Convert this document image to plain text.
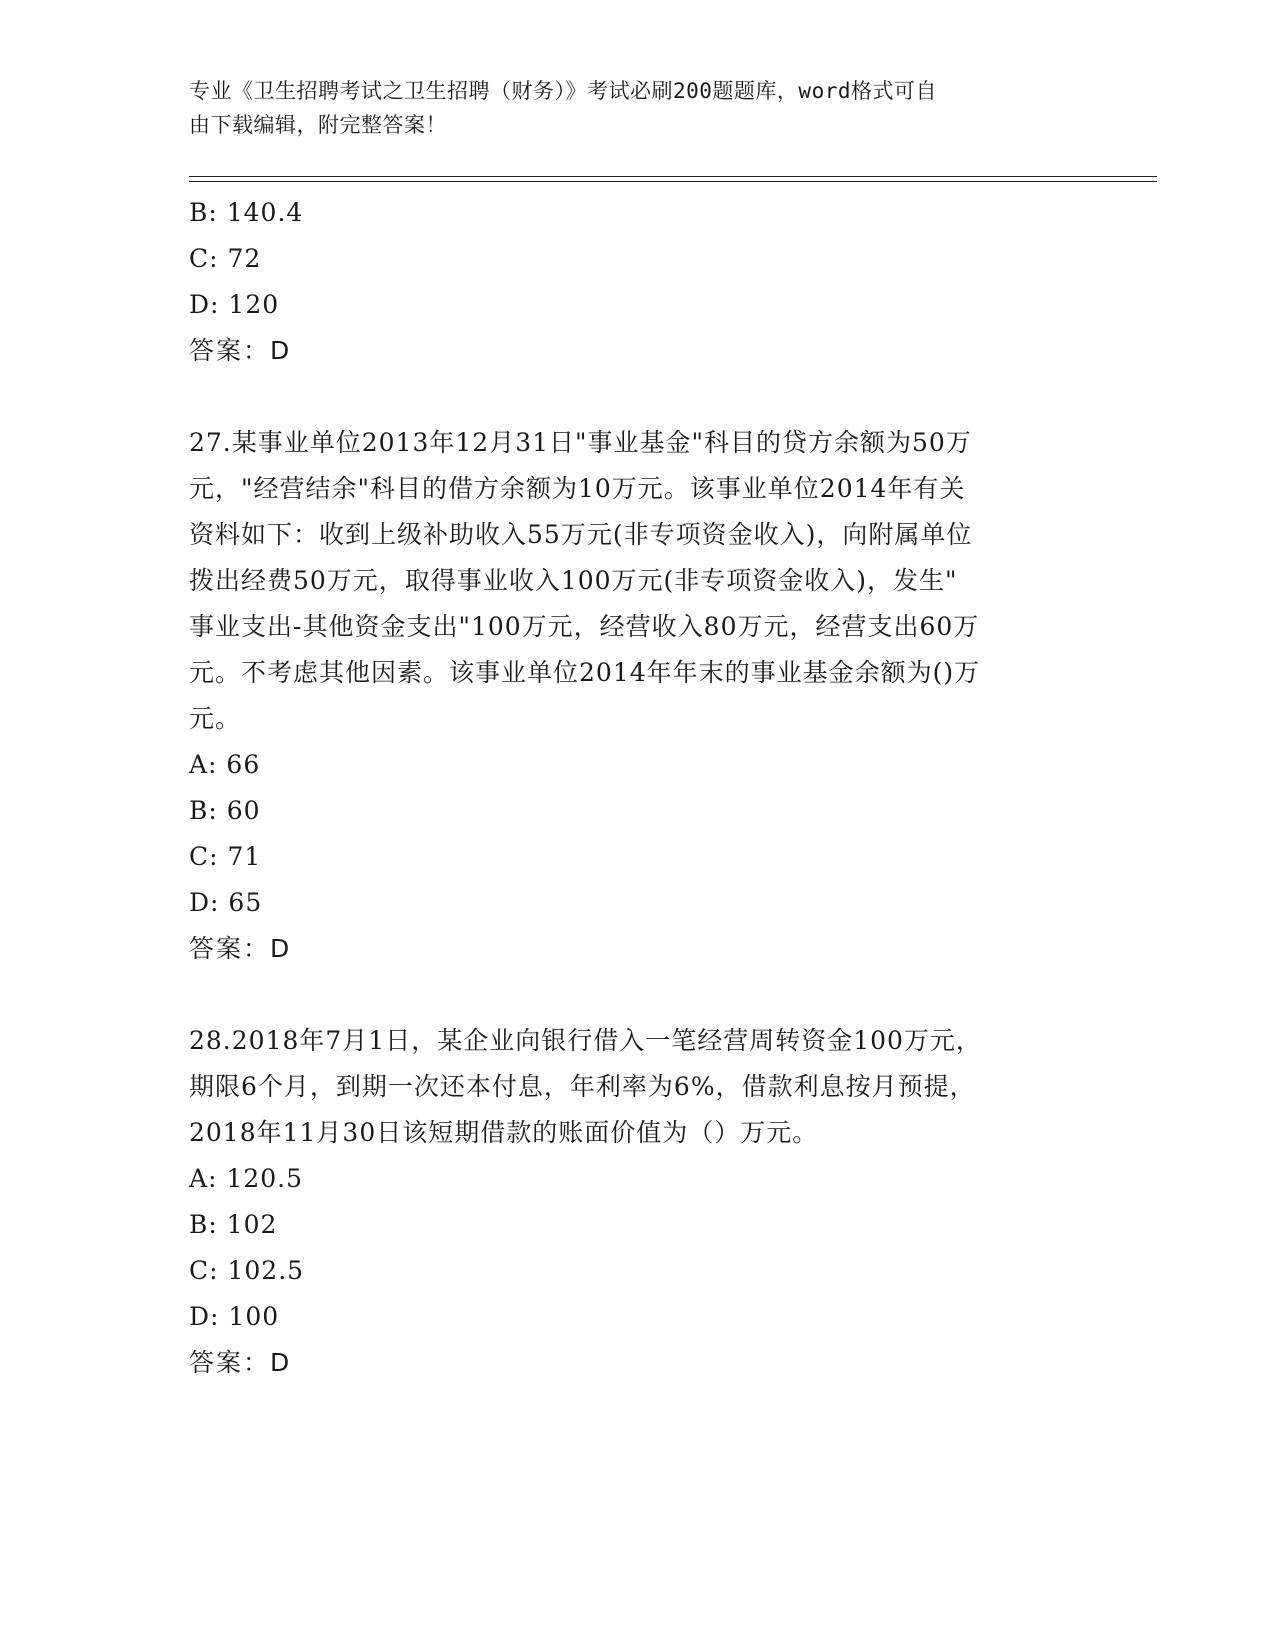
专业《卫生招聘考试之卫生招聘（财务）》考试必刷200题题库，word格式可自
由下载编辑，附完整答案！
B: 140.4
C: 72
D: 120
答案：D
27.某事业单位2013年12月31日"事业基金"科目的贷方余额为50万
元，"经营结余"科目的借方余额为10万元。该事业单位2014年有关
资料如下：收到上级补助收入55万元(非专项资金收入)，向附属单位
拨出经费50万元，取得事业收入100万元(非专项资金收入)，发生"
事业支出-其他资金支出"100万元，经营收入80万元，经营支出60万
元。不考虑其他因素。该事业单位2014年年末的事业基金余额为()万
元。
A: 66
B: 60
C: 71
D: 65
答案：D
28.2018年7月1日，某企业向银行借入一笔经营周转资金100万元，
期限6个月，到期一次还本付息，年利率为6%，借款利息按月预提，
2018年11月30日该短期借款的账面价值为（）万元。
A: 120.5
B: 102
C: 102.5
D: 100
答案：D
